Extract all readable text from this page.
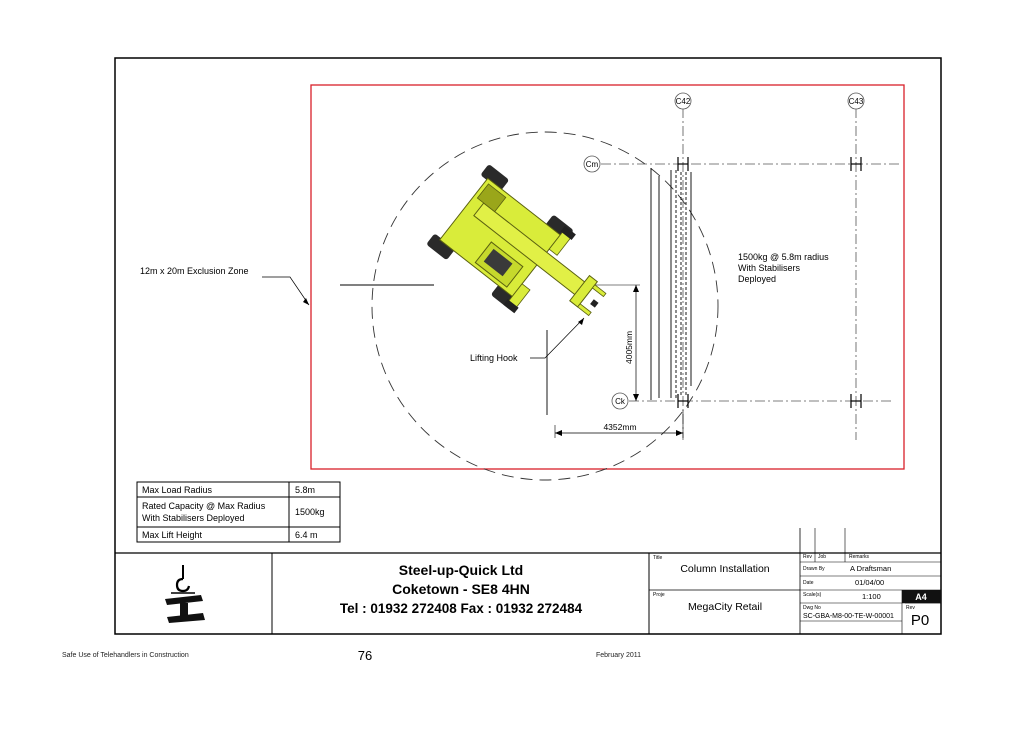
C42	C43
Cm
Ck
4005mm
4352mm
12m x 20m Exclusion Zone
Lifting Hook
1500kg @ 5.8m radius
With Stabilisers
Deployed
Max Load Radius	5.8m
Rated Capacity @ Max Radius
With Stabilisers Deployed
1500kg
Max Lift Height	6.4 m
Steel-up-Quick Ltd
Coketown - SE8 4HN
Tel : 01932 272408 Fax : 01932 272484
Title
Column Installation
Proje
MegaCity Retail
Rev Job	Remarks
Drawn By	A Draftsman
Date	01/04/00
Scale(s)	1:100	A4
Dwg No
SC-GBA-M8-00-TE-W-00001
Rev
P0
Safe Use of Telehandlers in Construction	76	February 2011
